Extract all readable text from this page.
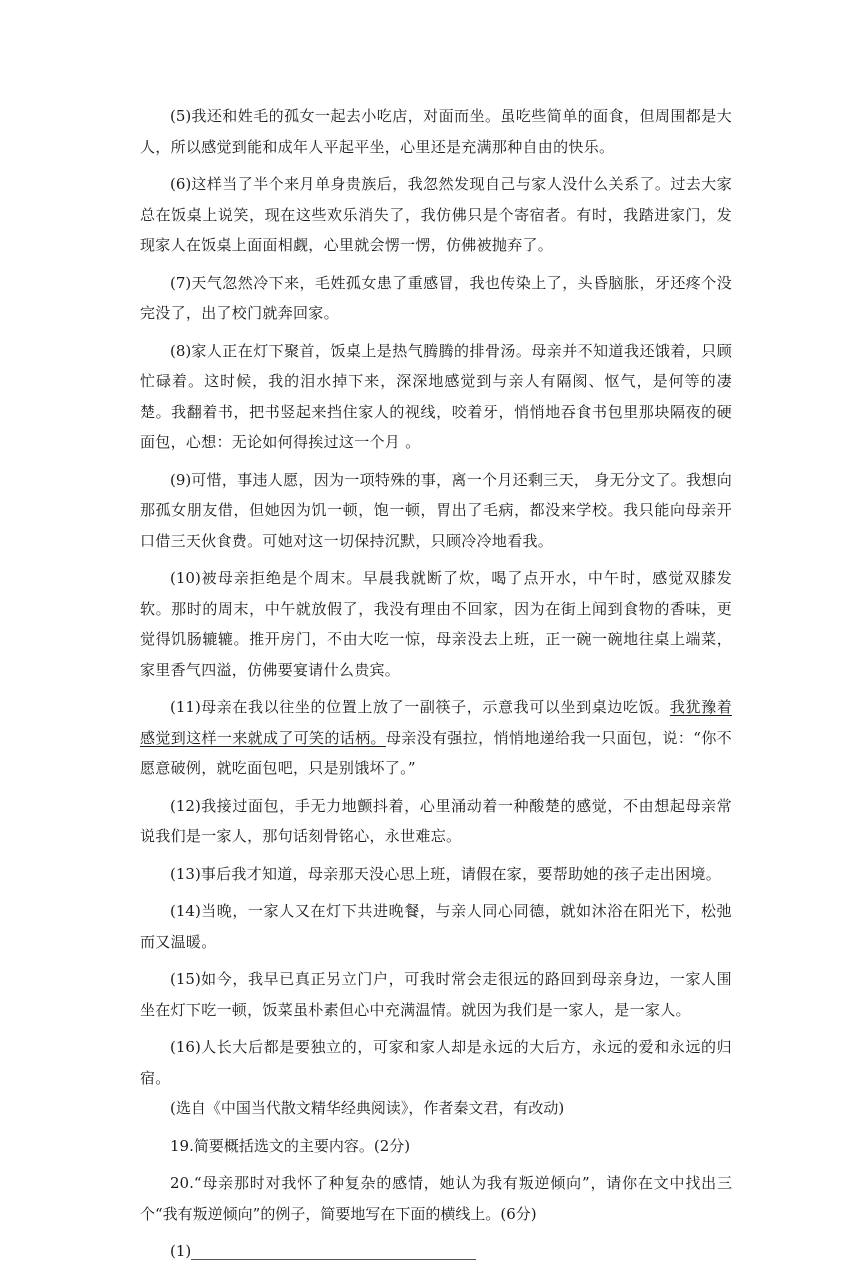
(5)我还和姓毛的孤女一起去小吃店，对面而坐。虽吃些简单的面食，但周围都是大人，所以感觉到能和成年人平起平坐，心里还是充满那种自由的快乐。

(6)这样当了半个来月单身贵族后，我忽然发现自己与家人没什么关系了。过去大家总在饭桌上说笑，现在这些欢乐消失了，我仿佛只是个寄宿者。有时，我踏进家门，发现家人在饭桌上面面相觑，心里就会愣一愣，仿佛被抛弃了。

(7)天气忽然冷下来，毛姓孤女患了重感冒，我也传染上了，头昏脑胀，牙还疼个没完没了，出了校门就奔回家。

(8)家人正在灯下聚首，饭桌上是热气腾腾的排骨汤。母亲并不知道我还饿着，只顾忙碌着。这时候，我的泪水掉下来，深深地感觉到与亲人有隔阂、怄气，是何等的凄楚。我翻着书，把书竖起来挡住家人的视线，咬着牙，悄悄地吞食书包里那块隔夜的硬面包，心想：无论如何得挨过这一个月 。

(9)可惜，事违人愿，因为一项特殊的事，离一个月还剩三天， 身无分文了。我想向那孤女朋友借，但她因为饥一顿，饱一顿，胃出了毛病，都没来学校。我只能向母亲开口借三天伙食费。可她对这一切保持沉默，只顾冷冷地看我。

(10)被母亲拒绝是个周末。早晨我就断了炊，喝了点开水，中午时，感觉双膝发软。那时的周末，中午就放假了，我没有理由不回家，因为在街上闻到食物的香味，更觉得饥肠辘辘。推开房门，不由大吃一惊，母亲没去上班，正一碗一碗地往桌上端菜，家里香气四溢，仿佛要宴请什么贵宾。

(11)母亲在我以往坐的位置上放了一副筷子，示意我可以坐到桌边吃饭。我犹豫着感觉到这样一来就成了可笑的话柄。母亲没有强拉，悄悄地递给我一只面包，说：“你不愿意破例，就吃面包吧，只是别饿坏了。”

(12)我接过面包，手无力地颤抖着，心里涌动着一种酸楚的感觉，不由想起母亲常说我们是一家人，那句话刻骨铭心，永世难忘。

(13)事后我才知道，母亲那天没心思上班，请假在家，要帮助她的孩子走出困境。

(14)当晚，一家人又在灯下共进晚餐，与亲人同心同德，就如沐浴在阳光下，松弛而又温暖。

(15)如今，我早已真正另立门户，可我时常会走很远的路回到母亲身边，一家人围坐在灯下吃一顿，饭菜虽朴素但心中充满温情。就因为我们是一家人，是一家人。

(16)人长大后都是要独立的，可家和家人却是永远的大后方，永远的爱和永远的归宿。

(选自《中国当代散文精华经典阅读》，作者秦文君，有改动)

19.简要概括选文的主要内容。(2分)

20.“母亲那时对我怀了种复杂的感情，她认为我有叛逆倾向”，请你在文中找出三个“我有叛逆倾向”的例子，简要地写在下面的横线上。(6分)

(1)
